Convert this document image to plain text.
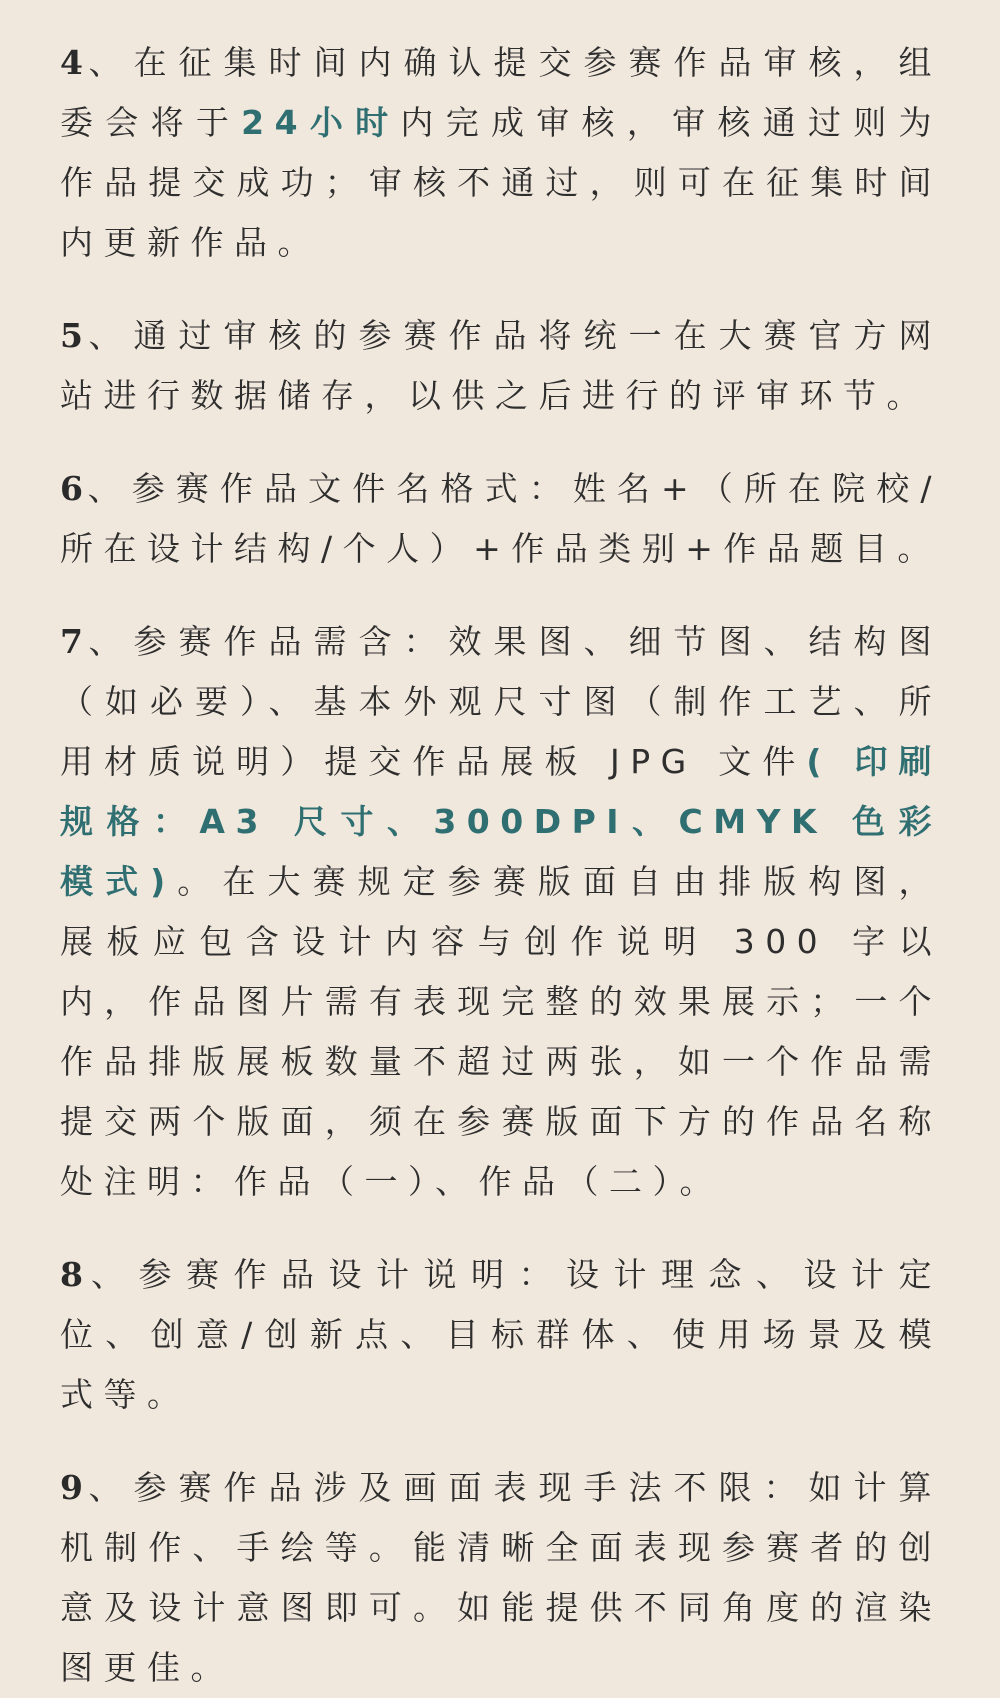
4 、在征集时间内确认提交参赛作品审核，组委会将于24小时内完成审核，审核通过则为作品提交成功；审核不通过，则可在征集时间内更新作品。

5 、通过审核的参赛作品将统一在大赛官方网站进行数据储存，以供之后进行的评审环节。

6 、参赛作品文件名格式：姓名+（所在院校/所在设计结构/个人）+作品类别+作品题目。

7 、参赛作品需含：效果图、细节图、结构图（如必要）、基本外观尺寸图（制作工艺、所用材质说明）提交作品展板 JPG 文件( 印刷规格：A3 尺寸、300DPI、CMYK 色彩模式)。在大赛规定参赛版面自由排版构图，展板应包含设计内容与创作说明 300 字以内，作品图片需有表现完整的效果展示；一个作品排版展板数量不超过两张，如一个作品需提交两个版面，须在参赛版面下方的作品名称处注明：作品（一）、作品（二）。

8 、参赛作品设计说明：设计理念、设计定位、创意/创新点、目标群体、使用场景及模式等。

9 、参赛作品涉及画面表现手法不限：如计算机制作、手绘等。能清晰全面表现参赛者的创意及设计意图即可。如能提供不同角度的渲染图更佳。
